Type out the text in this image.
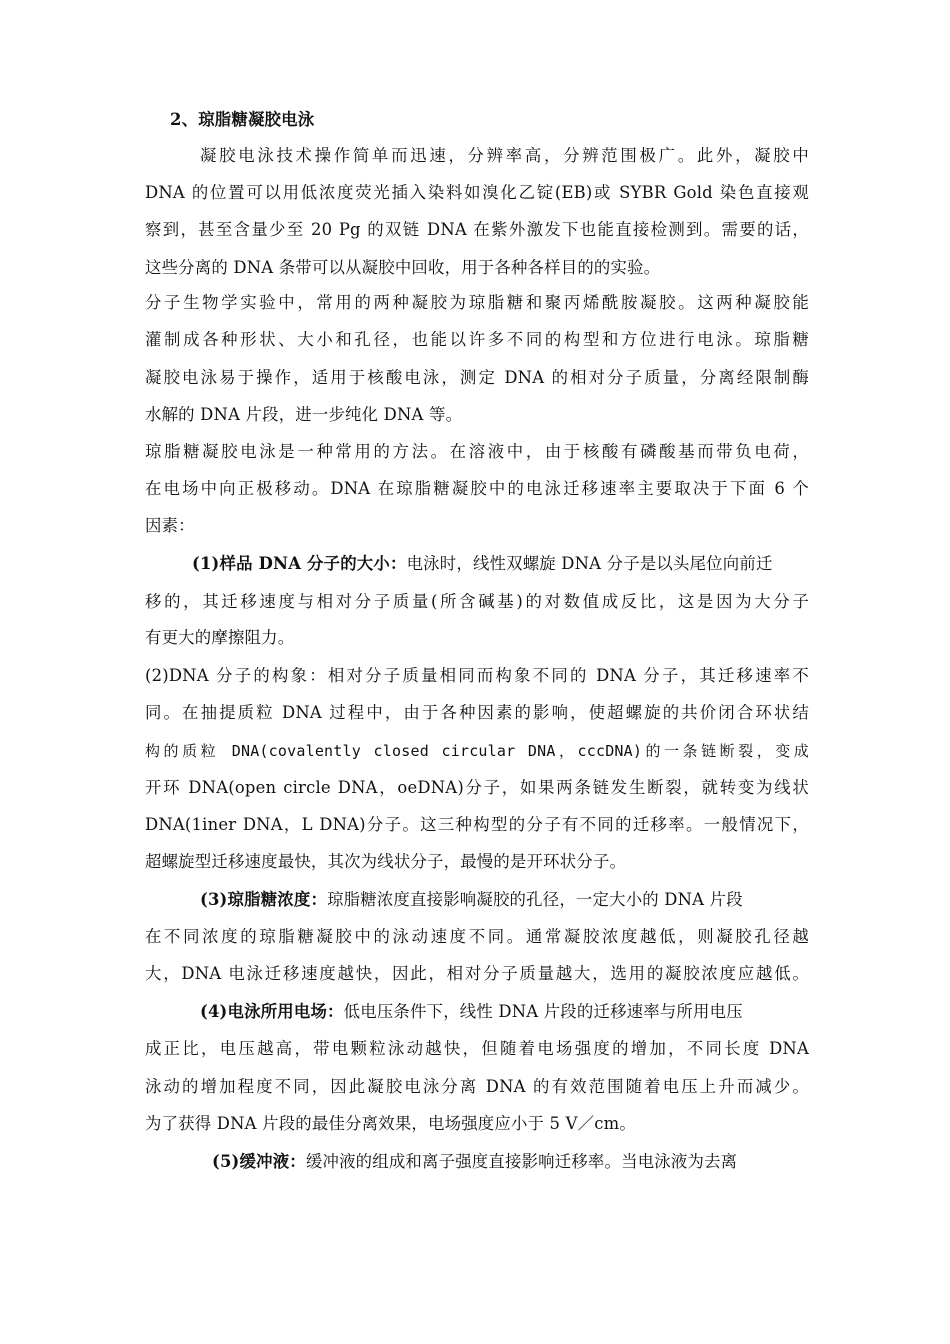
2、琼脂糖凝胶电泳
凝胶电泳技术操作简单而迅速，分辨率高，分辨范围极广。此外，凝胶中
DNA 的位置可以用低浓度荧光插入染料如溴化乙锭(EB)或 SYBR Gold 染色直接观
察到，甚至含量少至 20 Pg 的双链 DNA 在紫外激发下也能直接检测到。需要的话，
这些分离的 DNA 条带可以从凝胶中回收，用于各种各样目的的实验。
分子生物学实验中，常用的两种凝胶为琼脂糖和聚丙烯酰胺凝胶。这两种凝胶能
灌制成各种形状、大小和孔径，也能以许多不同的构型和方位进行电泳。琼脂糖
凝胶电泳易于操作，适用于核酸电泳，测定 DNA 的相对分子质量，分离经限制酶
水解的 DNA 片段，进一步纯化 DNA 等。
琼脂糖凝胶电泳是一种常用的方法。在溶液中，由于核酸有磷酸基而带负电荷，
在电场中向正极移动。DNA 在琼脂糖凝胶中的电泳迁移速率主要取决于下面 6 个
因素：
(1)样品 DNA 分子的大小：电泳时，线性双螺旋 DNA 分子是以头尾位向前迁
移的，其迁移速度与相对分子质量(所含碱基)的对数值成反比，这是因为大分子
有更大的摩擦阻力。
(2)DNA 分子的构象：相对分子质量相同而构象不同的 DNA 分子，其迁移速率不
同。在抽提质粒 DNA 过程中，由于各种因素的影响，使超螺旋的共价闭合环状结
构的质粒 DNA(covalently closed circular DNA，cccDNA)的一条链断裂，变成
开环 DNA(open circle DNA，oeDNA)分子，如果两条链发生断裂，就转变为线状
DNA(1iner DNA，L DNA)分子。这三种构型的分子有不同的迁移率。一般情况下，
超螺旋型迁移速度最快，其次为线状分子，最慢的是开环状分子。
(3)琼脂糖浓度：琼脂糖浓度直接影响凝胶的孔径，一定大小的 DNA 片段
在不同浓度的琼脂糖凝胶中的泳动速度不同。通常凝胶浓度越低，则凝胶孔径越
大，DNA 电泳迁移速度越快，因此，相对分子质量越大，选用的凝胶浓度应越低。
(4)电泳所用电场：低电压条件下，线性 DNA 片段的迁移速率与所用电压
成正比，电压越高，带电颗粒泳动越快，但随着电场强度的增加，不同长度 DNA
泳动的增加程度不同，因此凝胶电泳分离 DNA 的有效范围随着电压上升而减少。
为了获得 DNA 片段的最佳分离效果，电场强度应小于 5 V／cm。
(5)缓冲液：缓冲液的组成和离子强度直接影响迁移率。当电泳液为去离
